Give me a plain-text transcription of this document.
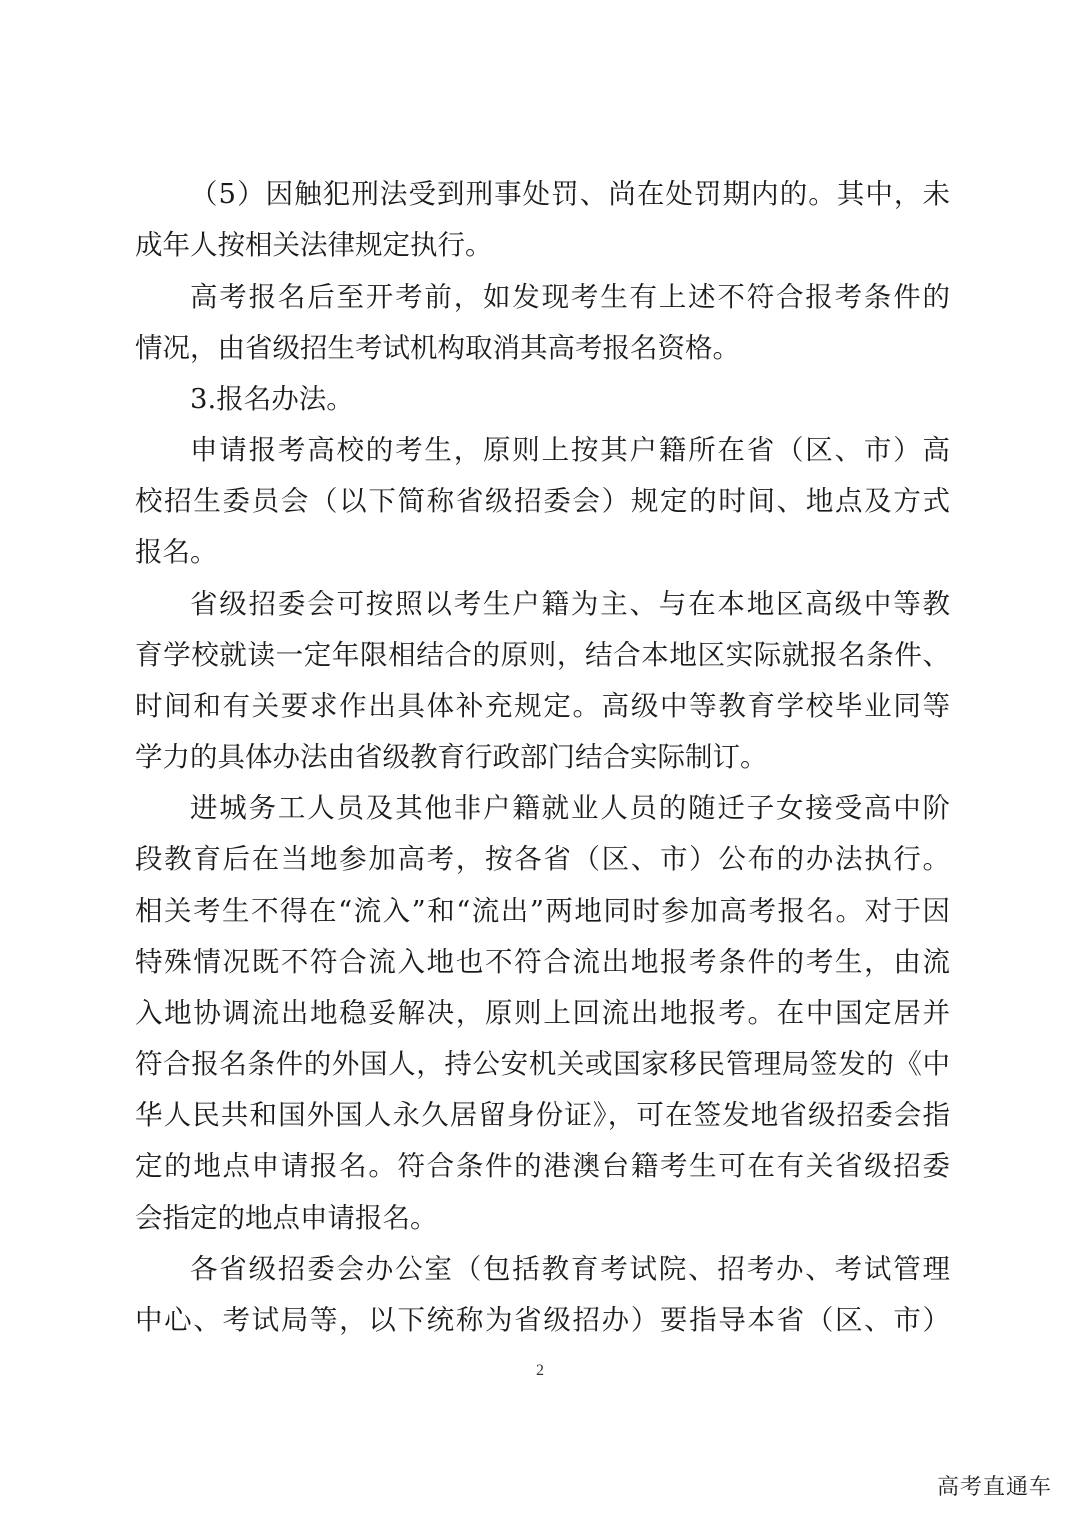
（5）因触犯刑法受到刑事处罚、尚在处罚期内的。其中，未
成年人按相关法律规定执行。
高考报名后至开考前，如发现考生有上述不符合报考条件的
情况，由省级招生考试机构取消其高考报名资格。
3.报名办法。
申请报考高校的考生，原则上按其户籍所在省（区、市）高
校招生委员会（以下简称省级招委会）规定的时间、地点及方式
报名。
省级招委会可按照以考生户籍为主、与在本地区高级中等教
育学校就读一定年限相结合的原则，结合本地区实际就报名条件、
时间和有关要求作出具体补充规定。高级中等教育学校毕业同等
学力的具体办法由省级教育行政部门结合实际制订。
进城务工人员及其他非户籍就业人员的随迁子女接受高中阶
段教育后在当地参加高考，按各省（区、市）公布的办法执行。
相关考生不得在“流入”和“流出”两地同时参加高考报名。对于因
特殊情况既不符合流入地也不符合流出地报考条件的考生，由流
入地协调流出地稳妥解决，原则上回流出地报考。在中国定居并
符合报名条件的外国人，持公安机关或国家移民管理局签发的《中
华人民共和国外国人永久居留身份证》，可在签发地省级招委会指
定的地点申请报名。符合条件的港澳台籍考生可在有关省级招委
会指定的地点申请报名。
各省级招委会办公室（包括教育考试院、招考办、考试管理
中心、考试局等，以下统称为省级招办）要指导本省（区、市）
2
高考直通车
